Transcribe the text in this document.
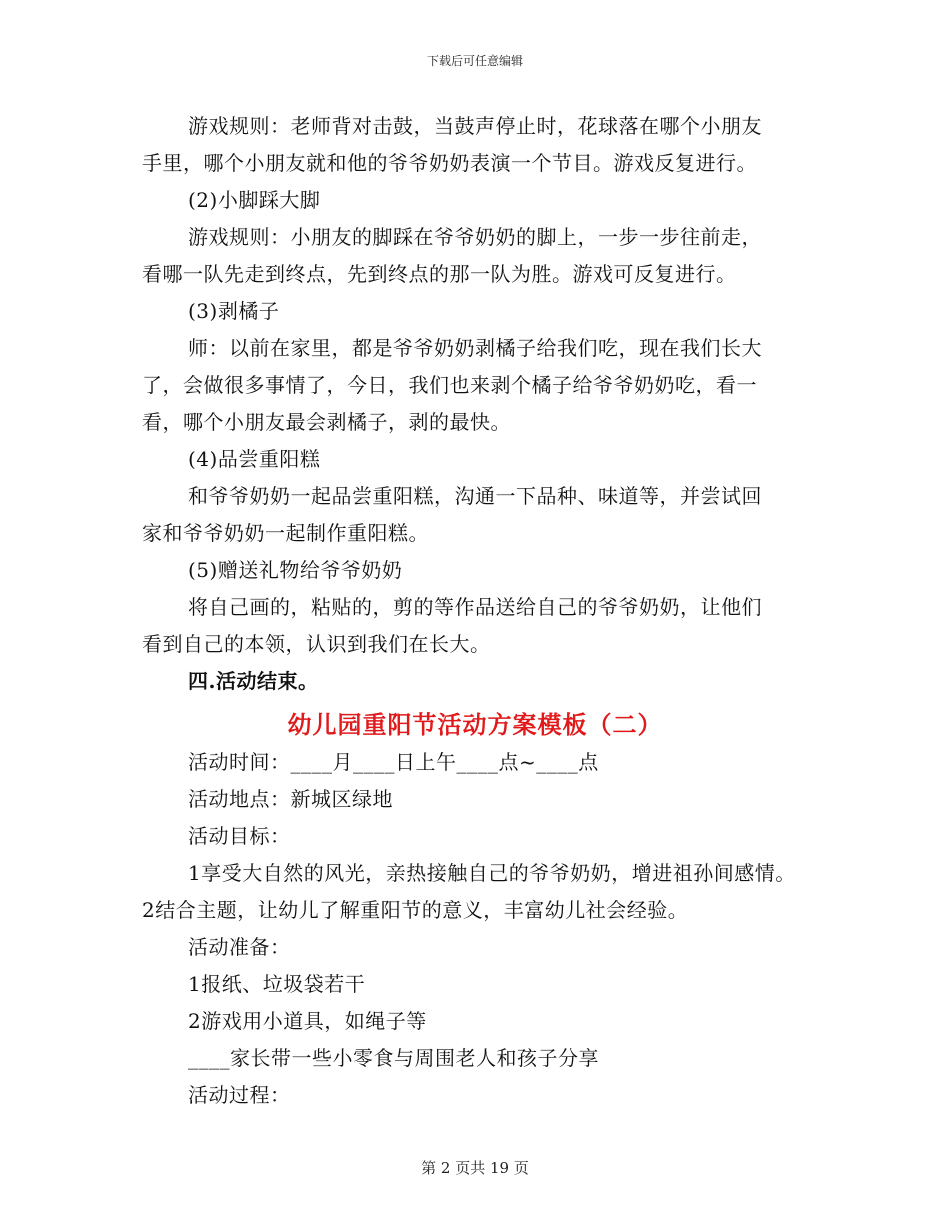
下载后可任意编辑
游戏规则：老师背对击鼓，当鼓声停止时，花球落在哪个小朋友
手里，哪个小朋友就和他的爷爷奶奶表演一个节目。游戏反复进行。
(2)小脚踩大脚
游戏规则：小朋友的脚踩在爷爷奶奶的脚上，一步一步往前走，
看哪一队先走到终点，先到终点的那一队为胜。游戏可反复进行。
(3)剥橘子
师：以前在家里，都是爷爷奶奶剥橘子给我们吃，现在我们长大
了，会做很多事情了，今日，我们也来剥个橘子给爷爷奶奶吃，看一
看，哪个小朋友最会剥橘子，剥的最快。
(4)品尝重阳糕
和爷爷奶奶一起品尝重阳糕，沟通一下品种、味道等，并尝试回
家和爷爷奶奶一起制作重阳糕。
(5)赠送礼物给爷爷奶奶
将自己画的，粘贴的，剪的等作品送给自己的爷爷奶奶，让他们
看到自己的本领，认识到我们在长大。
四.活动结束。
幼儿园重阳节活动方案模板（二）
活动时间：____月____日上午____点~____点
活动地点：新城区绿地
活动目标：
1享受大自然的风光，亲热接触自己的爷爷奶奶，增进祖孙间感情。
2结合主题，让幼儿了解重阳节的意义，丰富幼儿社会经验。
活动准备：
1报纸、垃圾袋若干
2游戏用小道具，如绳子等
____家长带一些小零食与周围老人和孩子分享
活动过程：
第 2 页共 19 页
